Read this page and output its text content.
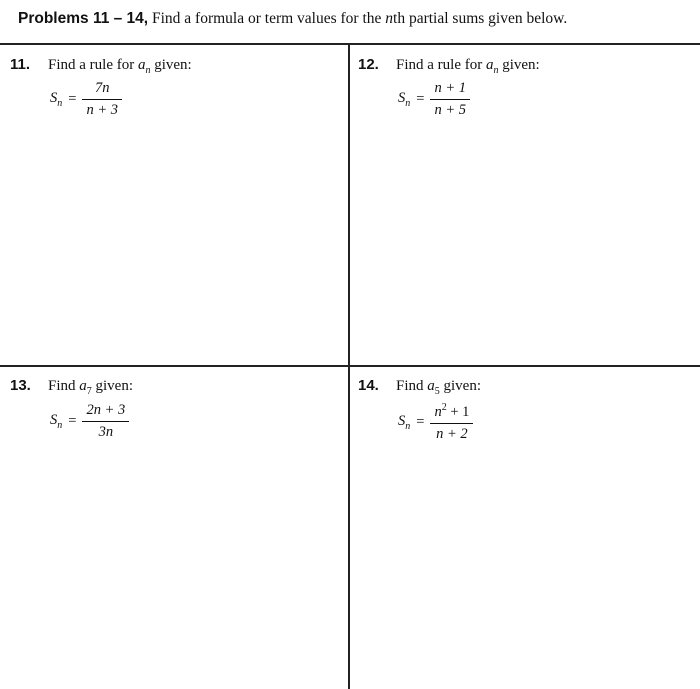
Problems 11 – 14, Find a formula or term values for the nth partial sums given below.
11. Find a rule for $a_n$ given:
$S_n = \frac{7n}{n + 3}$
12. Find a rule for $a_n$ given:
$S_n = \frac{n + 1}{n + 5}$
13. Find $a_7$ given:
$S_n = \frac{2n + 3}{3n}$
14. Find $a_5$ given:
$S_n = \frac{n^2 + 1}{n + 2}$
